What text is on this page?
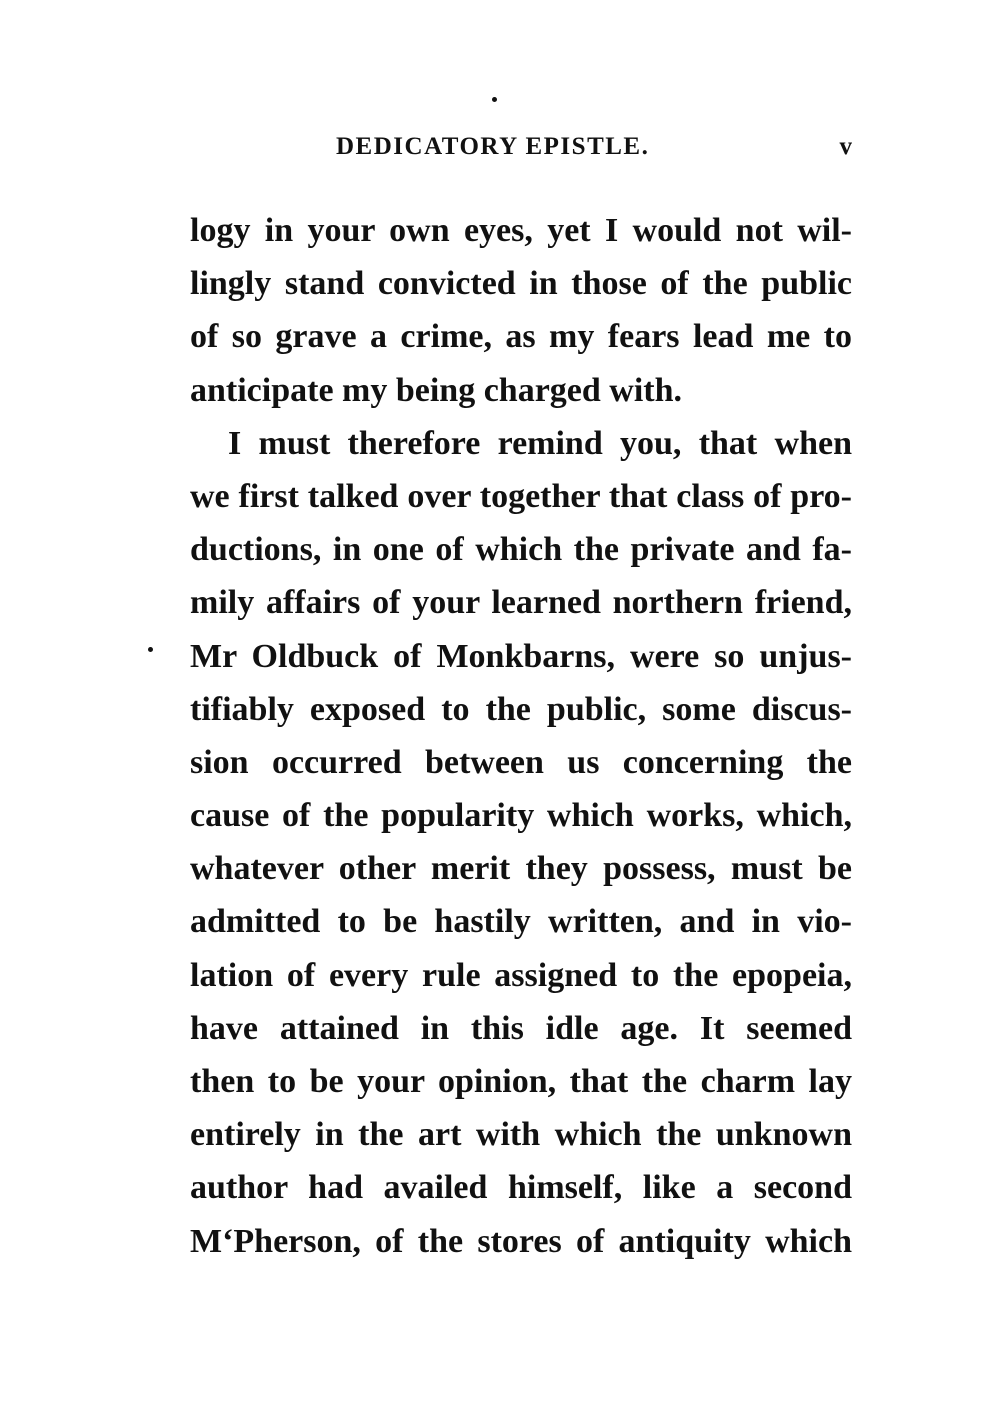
DEDICATORY EPISTLE.	v
logy in your own eyes, yet I would not wil-
lingly stand convicted in those of the public
of so grave a crime, as my fears lead me to
anticipate my being charged with.
I must therefore remind you, that when
we first talked over together that class of pro-
ductions, in one of which the private and fa-
mily affairs of your learned northern friend,
Mr Oldbuck of Monkbarns, were so unjus-
tifiably exposed to the public, some discus-
sion occurred between us concerning the
cause of the popularity which works, which,
whatever other merit they possess, must be
admitted to be hastily written, and in vio-
lation of every rule assigned to the epopeia,
have attained in this idle age. It seemed
then to be your opinion, that the charm lay
entirely in the art with which the unknown
author had availed himself, like a second
M‘Pherson, of the stores of antiquity which
